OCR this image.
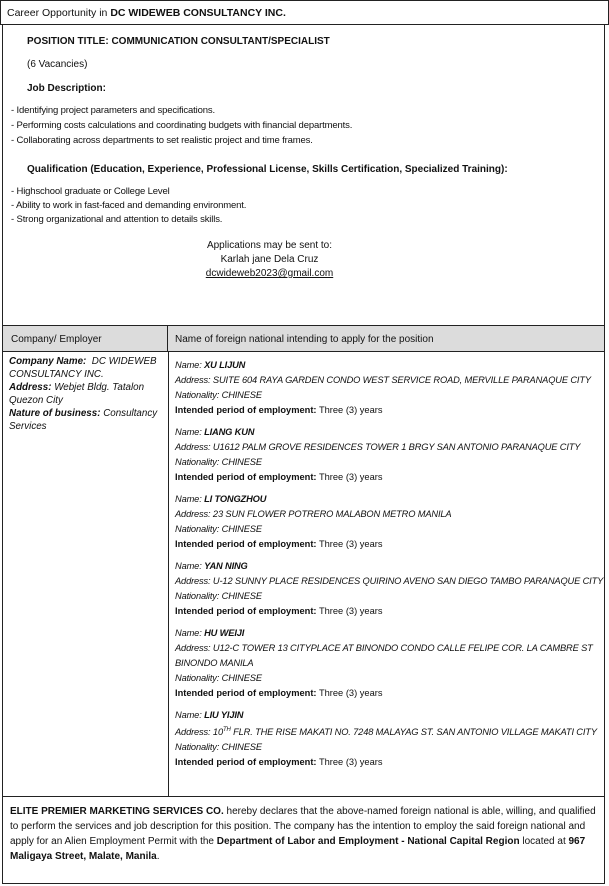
Career Opportunity in DC WIDEWEB CONSULTANCY INC.
POSITION TITLE: COMMUNICATION CONSULTANT/SPECIALIST
(6 Vacancies)
Job Description:
- Identifying project parameters and specifications.
- Performing costs calculations and coordinating budgets with financial departments.
- Collaborating across departments to set realistic project and time frames.
Qualification (Education, Experience, Professional License, Skills Certification, Specialized Training):
- Highschool graduate or College Level
- Ability to work in fast-faced and demanding environment.
- Strong organizational and attention to details skills.
Applications may be sent to:
Karlah jane Dela Cruz
dcwideweb2023@gmail.com
Company/ Employer	Name of foreign national intending to apply for the position
Company Name: DC WIDEWEB CONSULTANCY INC.
Address: Webjet Bldg. Tatalon Quezon City
Nature of business: Consultancy Services
Name: XU LIJUN
Address: SUITE 604 RAYA GARDEN CONDO WEST SERVICE ROAD, MERVILLE PARANAQUE CITY
Nationality: CHINESE
Intended period of employment: Three (3) years
Name: LIANG KUN
Address: U1612 PALM GROVE RESIDENCES TOWER 1 BRGY SAN ANTONIO PARANAQUE CITY
Nationality: CHINESE
Intended period of employment: Three (3) years
Name: LI TONGZHOU
Address: 23 SUN FLOWER POTRERO MALABON METRO MANILA
Nationality: CHINESE
Intended period of employment: Three (3) years
Name: YAN NING
Address: U-12 SUNNY PLACE RESIDENCES QUIRINO AVENO SAN DIEGO TAMBO PARANAQUE CITY
Nationality: CHINESE
Intended period of employment: Three (3) years
Name: HU WEIJI
Address: U12-C TOWER 13 CITYPLACE AT BINONDO CONDO CALLE FELIPE COR. LA CAMBRE ST BINONDO MANILA
Nationality: CHINESE
Intended period of employment: Three (3) years
Name: LIU YIJIN
Address: 10TH FLR. THE RISE MAKATI NO. 7248 MALAYAG ST. SAN ANTONIO VILLAGE MAKATI CITY
Nationality: CHINESE
Intended period of employment: Three (3) years
ELITE PREMIER MARKETING SERVICES CO. hereby declares that the above-named foreign national is able, willing, and qualified to perform the services and job description for this position. The company has the intention to employ the said foreign national and apply for an Alien Employment Permit with the Department of Labor and Employment - National Capital Region located at 967 Maligaya Street, Malate, Manila.
